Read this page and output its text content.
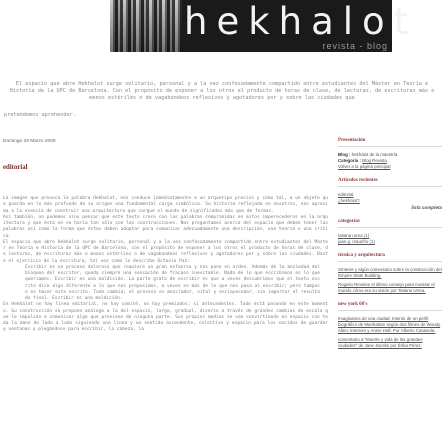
hekhalot
revista - blog
El espacio que abre Hekhalot surge solitario, personal y a la vez confesadamente compartido entre estudiantes del Máster en Teoría e Historia de la UPC de Barcelona. Con el propósito de exponer a los otros el producto de horas de clase, de lecturas, de escrituras más o menos estériles o de vagabundeos reflexivos y agotadores por y sobre las ciudades que
pretendemos aprehender.
Domingo 29 Marzo 2009
editorial

La imagen que provoca la palabra Hekhalot, nos conduce inmediatamente a un arquetipo preciso y como tal, a un objeto que guarda en lo más profundo de su origen una fundamental carga simbólica. Su historia reflejada en nosotros, nos aproxima a la esencia de construir una arquitectura que cargue el mundo de significados más que de formas.

Así también, no podemos sino pensar que este texto crece con las palabras comprimidas en mitos imperecederos en la arquitectura y que ésta no se haría tan sólo con las construcciones. Nos preguntamos acerca del espacio que deben tener las palabras así como la forma que éstas deben adoptar para comunicar adecuadamente una descripción, una teoría o una crítica.

El espacio que abre Hekhalot surge solitario, personal y a la vez confesadamente compartido entre estudiantes del Máster en Teoría e Historia de la UPC de Barcelona, con el propósito de exponer a los otros el producto de horas de clase, de lecturas, de escrituras más o menos estériles o de vagabundeos reflexivos y agotadores por y sobre las ciudades. Baste el ejercicio de la escritura, tal vez como lo describe Octavio Paz:

Escribir es un proceso doloroso que requiere un gran esfuerzo y nos pone en orden. Además de la ansiedad del bloqueo del escritor, queda siempre una sensación de fracaso inevitable. Nada de lo que escribimos es lo que queríamos. Escribir es una maldición. La parte grata de escribir es que a veces descubrimos que el texto escrito dice algo diferente a lo que nos propusimos, a veces es más de lo que nos pasa al escribir; pero tampoco es hacer este escrito. Todo cambia; el proceso es mezclador, vital y enriquecedor, sin importar el resultado final. Escribir es una maldición.

En Hekhalot no hay línea editorial, no hay comité, no hay premiados; sí antecedentes. Todo está pasando en este momento. Su construcción se propone análoga a la del espacio, largo, gradual, diverso a través de grandes cambios de escala que le impulsan a comunicar algo que proviene de ninguna parte. Sus propios medios se van convirtiendo en espacio con toda la mano de lado a lado siguiendo una línea y un sentido ascendente, colectivo y espacio para los nacidos de guardar y ventanas y plegándose para escribir, la cabeza, la

Presentación
Blog : hekhalot de la maestría
Categoría : Blog Revista
Volver a la página principal
Artículos recientes
editorial
¿hekhalot?
lista completa
categorías
tatiana urrea (1)
juan g. mauriño (1)
técnica y arquitectura
Síntesis y algún comentario sobre la construcción del Empire State Building.
Rogelio Reveles el último consejo para mostrar el mundo cómo era su visión por Tatiana Urrea.
new york 60's
Imaginarios de una ciudad. Intento de un perfil biográfico de Manhattan según dos filmes de Woody Allen: Interiors y Annie Hall. Por Alberto Casasola.
comentario a "Muerte y vida de las grandes ciudades" de Jane Jacobs por Érika Pérez.
